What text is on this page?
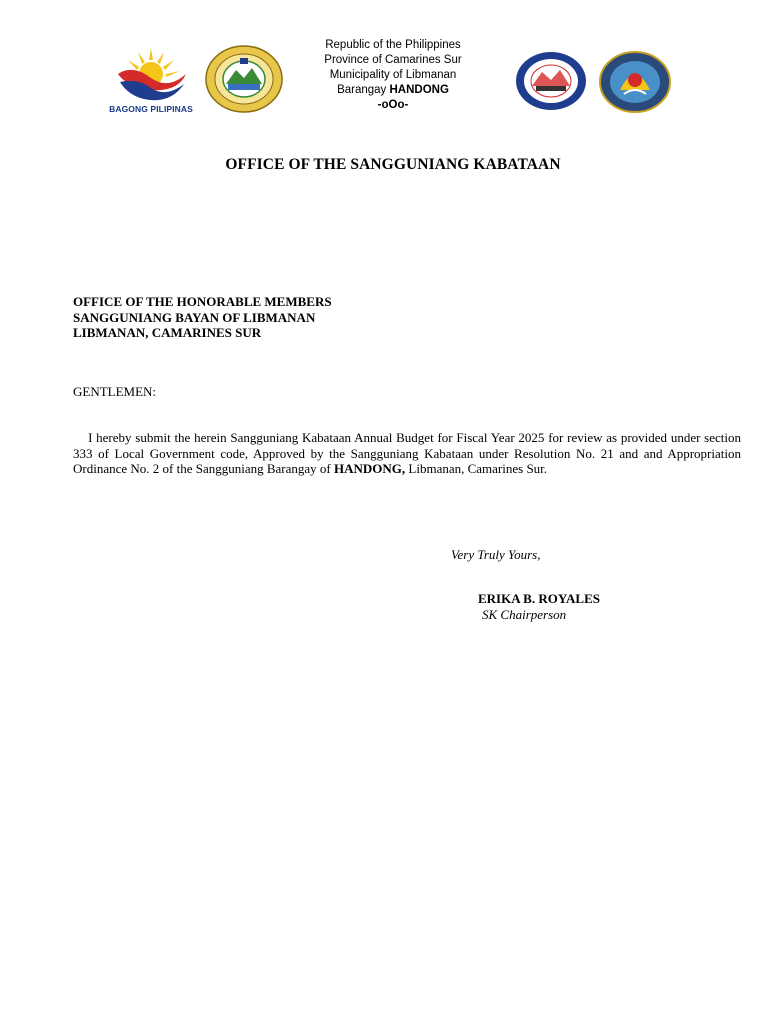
BAGONG PILIPINAS
Republic of the Philippines
Province of Camarines Sur
Municipality of Libmanan
Barangay HANDONG
-oOo-
OFFICE OF THE SANGGUNIANG KABATAAN
OFFICE OF THE HONORABLE MEMBERS
SANGGUNIANG BAYAN OF LIBMANAN
LIBMANAN, CAMARINES SUR
GENTLEMEN:
I hereby submit the herein Sangguniang Kabataan Annual Budget for Fiscal Year 2025 for review as provided under section 333 of Local Government code, Approved by the Sangguniang Kabataan under Resolution No. 21 and and Appropriation Ordinance No. 2 of the Sangguniang Barangay of HANDONG, Libmanan, Camarines Sur.
Very Truly Yours,
ERIKA B. ROYALES
SK Chairperson
